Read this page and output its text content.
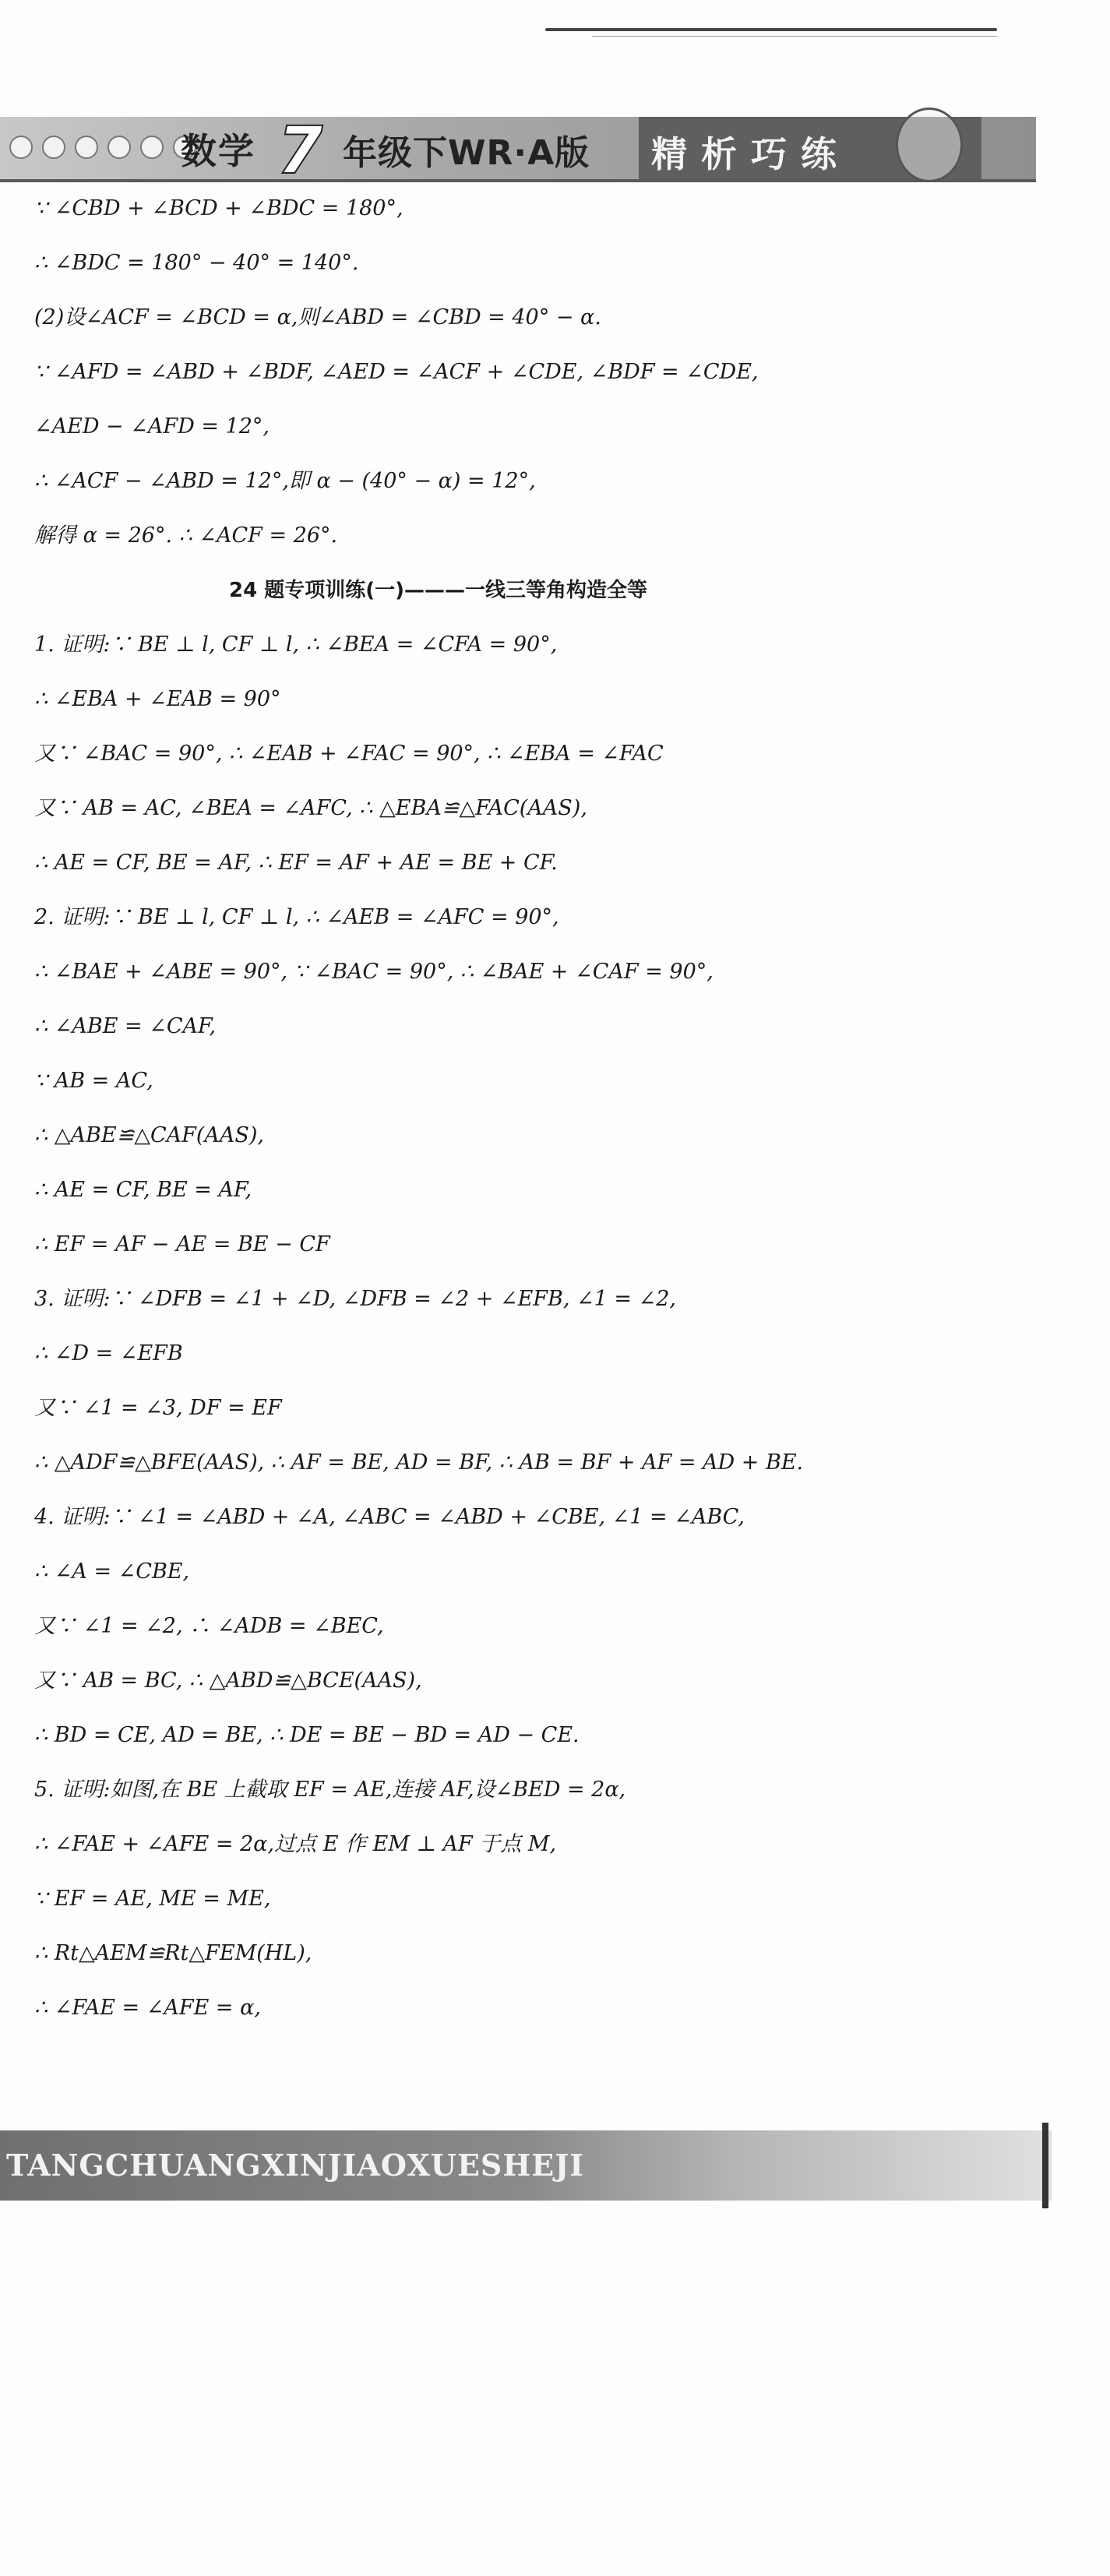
数学 7 年级下WR·A版 精析巧练
∵ ∠CBD + ∠BCD + ∠BDC = 180°,
∴ ∠BDC = 180° − 40° = 140°.
(2)设∠ACF = ∠BCD = α,则∠ABD = ∠CBD = 40° − α.
∵ ∠AFD = ∠ABD + ∠BDF, ∠AED = ∠ACF + ∠CDE, ∠BDF = ∠CDE,
∠AED − ∠AFD = 12°,
∴ ∠ACF − ∠ABD = 12°,即 α − (40° − α) = 12°,
解得 α = 26°. ∴ ∠ACF = 26°.
24 题专项训练(一)———一线三等角构造全等
1. 证明:∵ BE ⊥ l, CF ⊥ l, ∴ ∠BEA = ∠CFA = 90°,
∴ ∠EBA + ∠EAB = 90°
又∵ ∠BAC = 90°, ∴ ∠EAB + ∠FAC = 90°, ∴ ∠EBA = ∠FAC
又∵ AB = AC, ∠BEA = ∠AFC, ∴ △EBA≌△FAC(AAS),
∴ AE = CF, BE = AF, ∴ EF = AF + AE = BE + CF.
2. 证明:∵ BE ⊥ l, CF ⊥ l, ∴ ∠AEB = ∠AFC = 90°,
∴ ∠BAE + ∠ABE = 90°, ∵ ∠BAC = 90°, ∴ ∠BAE + ∠CAF = 90°,
∴ ∠ABE = ∠CAF,
∵ AB = AC,
∴ △ABE≌△CAF(AAS),
∴ AE = CF, BE = AF,
∴ EF = AF − AE = BE − CF
3. 证明:∵ ∠DFB = ∠1 + ∠D, ∠DFB = ∠2 + ∠EFB, ∠1 = ∠2,
∴ ∠D = ∠EFB
又∵ ∠1 = ∠3, DF = EF
∴ △ADF≌△BFE(AAS), ∴ AF = BE, AD = BF, ∴ AB = BF + AF = AD + BE.
4. 证明:∵ ∠1 = ∠ABD + ∠A, ∠ABC = ∠ABD + ∠CBE, ∠1 = ∠ABC,
∴ ∠A = ∠CBE,
又∵ ∠1 = ∠2, ∴ ∠ADB = ∠BEC,
又∵ AB = BC, ∴ △ABD≌△BCE(AAS),
∴ BD = CE, AD = BE, ∴ DE = BE − BD = AD − CE.
5. 证明:如图,在 BE 上截取 EF = AE,连接 AF,设∠BED = 2α,
∴ ∠FAE + ∠AFE = 2α,过点 E 作 EM ⊥ AF 于点 M,
∵ EF = AE, ME = ME,
∴ Rt△AEM≌Rt△FEM(HL),
∴ ∠FAE = ∠AFE = α,
TANGCHUANGXINJIAOXUESHEJI
